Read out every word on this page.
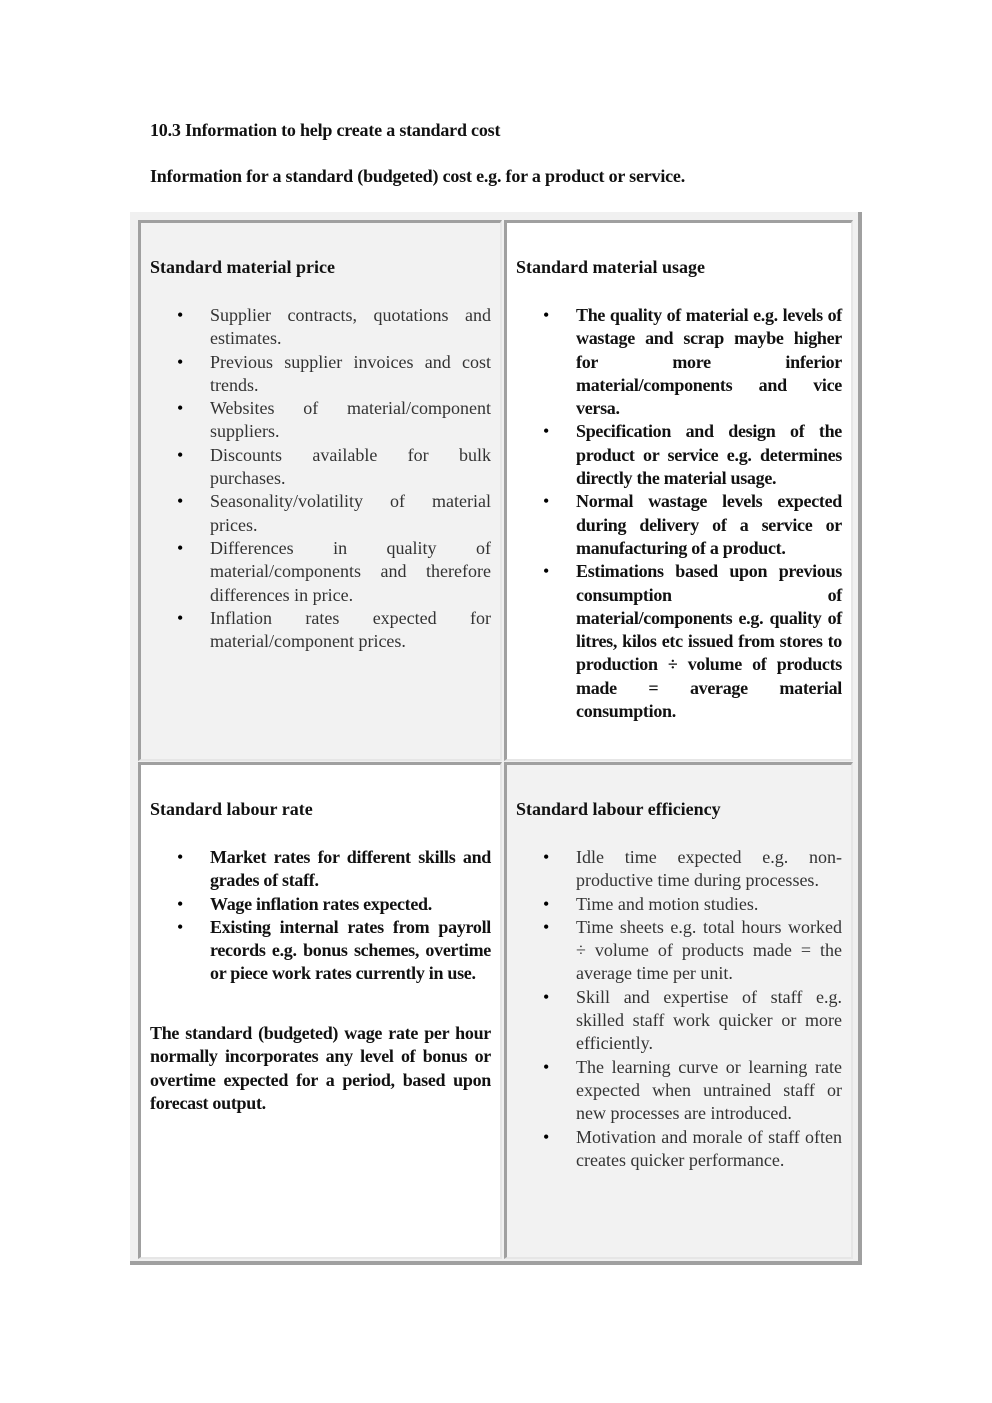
10.3 Information to help create a standard cost
Information for a standard (budgeted) cost e.g. for a product or service.
Standard material price
• Supplier contracts, quotations and estimates.
• Previous supplier invoices and cost trends.
• Websites of material/component suppliers.
• Discounts available for bulk purchases.
• Seasonality/volatility of material prices.
• Differences in quality of material/components and therefore differences in price.
• Inflation rates expected for material/component prices.
Standard material usage
• The quality of material e.g. levels of wastage and scrap maybe higher for more inferior material/components and vice versa.
• Specification and design of the product or service e.g. determines directly the material usage.
• Normal wastage levels expected during delivery of a service or manufacturing of a product.
• Estimations based upon previous consumption of material/components e.g. quality of litres, kilos etc issued from stores to production ÷ volume of products made = average material consumption.
Standard labour rate
• Market rates for different skills and grades of staff.
• Wage inflation rates expected.
• Existing internal rates from payroll records e.g. bonus schemes, overtime or piece work rates currently in use.
The standard (budgeted) wage rate per hour normally incorporates any level of bonus or overtime expected for a period, based upon forecast output.
Standard labour efficiency
• Idle time expected e.g. non-productive time during processes.
• Time and motion studies.
• Time sheets e.g. total hours worked ÷ volume of products made = the average time per unit.
• Skill and expertise of staff e.g. skilled staff work quicker or more efficiently.
• The learning curve or learning rate expected when untrained staff or new processes are introduced.
• Motivation and morale of staff often creates quicker performance.
